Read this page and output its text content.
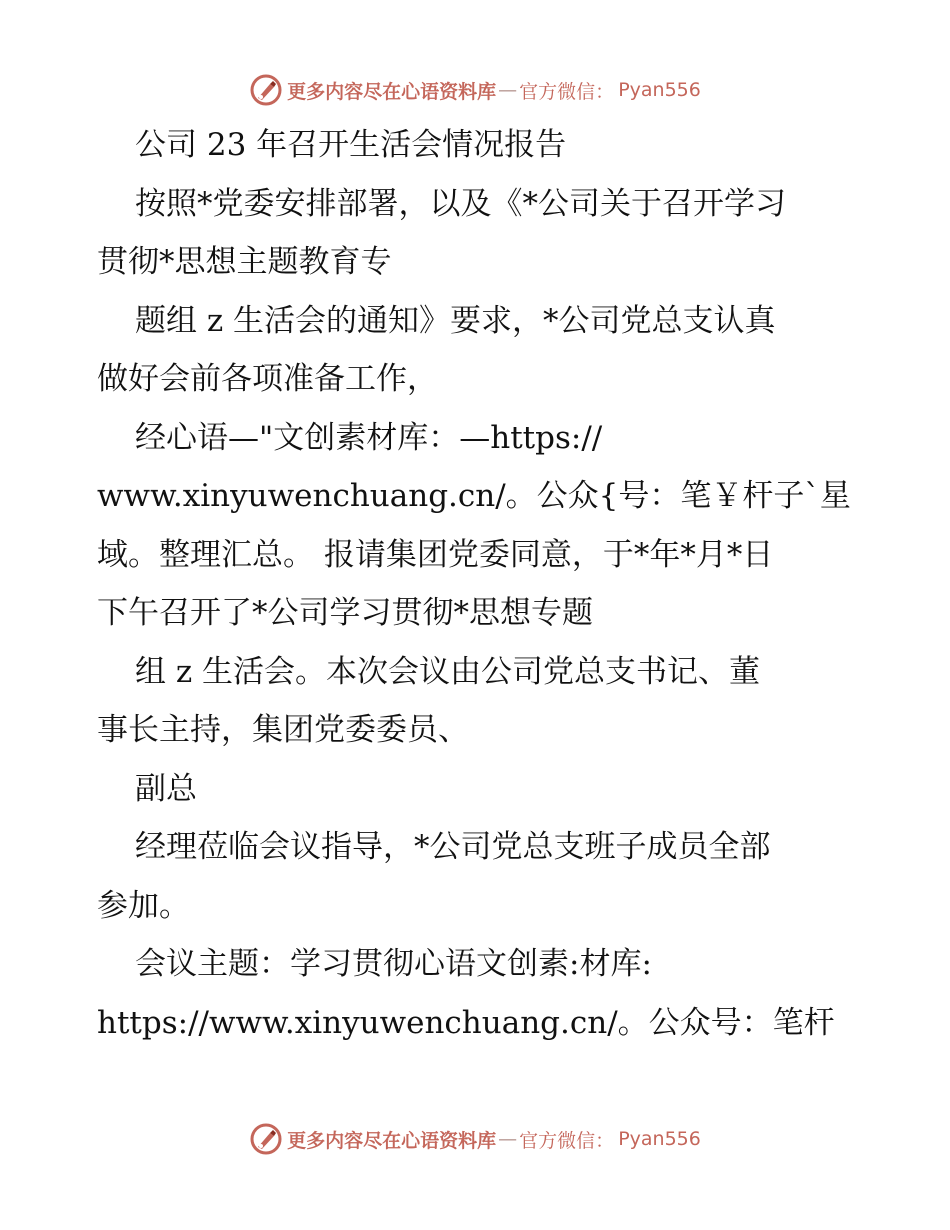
更多内容尽在心语资料库 — 官方微信： Pyan556
公司 23 年召开生活会情况报告
按照*党委安排部署，以及《*公司关于召开学习
贯彻*思想主题教育专
题组 z 生活会的通知》要求，*公司党总支认真
做好会前各项准备工作，
经心语—"文创素材库：—https://
www.xinyuwenchuang.cn/。公众{号：笔￥杆子`星
域。整理汇总。 报请集团党委同意，于*年*月*日
下午召开了*公司学习贯彻*思想专题
组 z 生活会。本次会议由公司党总支书记、董
事长主持，集团党委委员、
副总
经理莅临会议指导，*公司党总支班子成员全部
参加。
会议主题：学习贯彻心语文创素:材库:
https://www.xinyuwenchuang.cn/。公众号：笔杆
更多内容尽在心语资料库 — 官方微信： Pyan556
